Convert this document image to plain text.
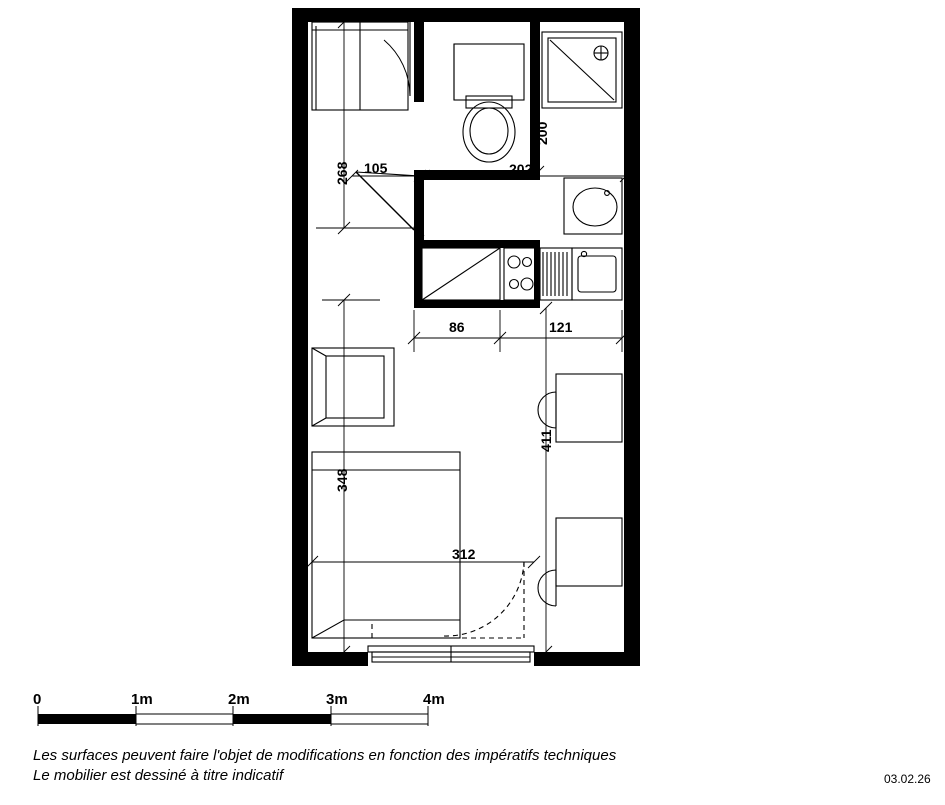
268 105	202
200
86	121
348
411
312
0	1m	2m	3m	4m
Les surfaces peuvent faire l'objet de modifications en fonction des impératifs techniques
Le mobilier est dessiné à titre indicatif	03.02.26
